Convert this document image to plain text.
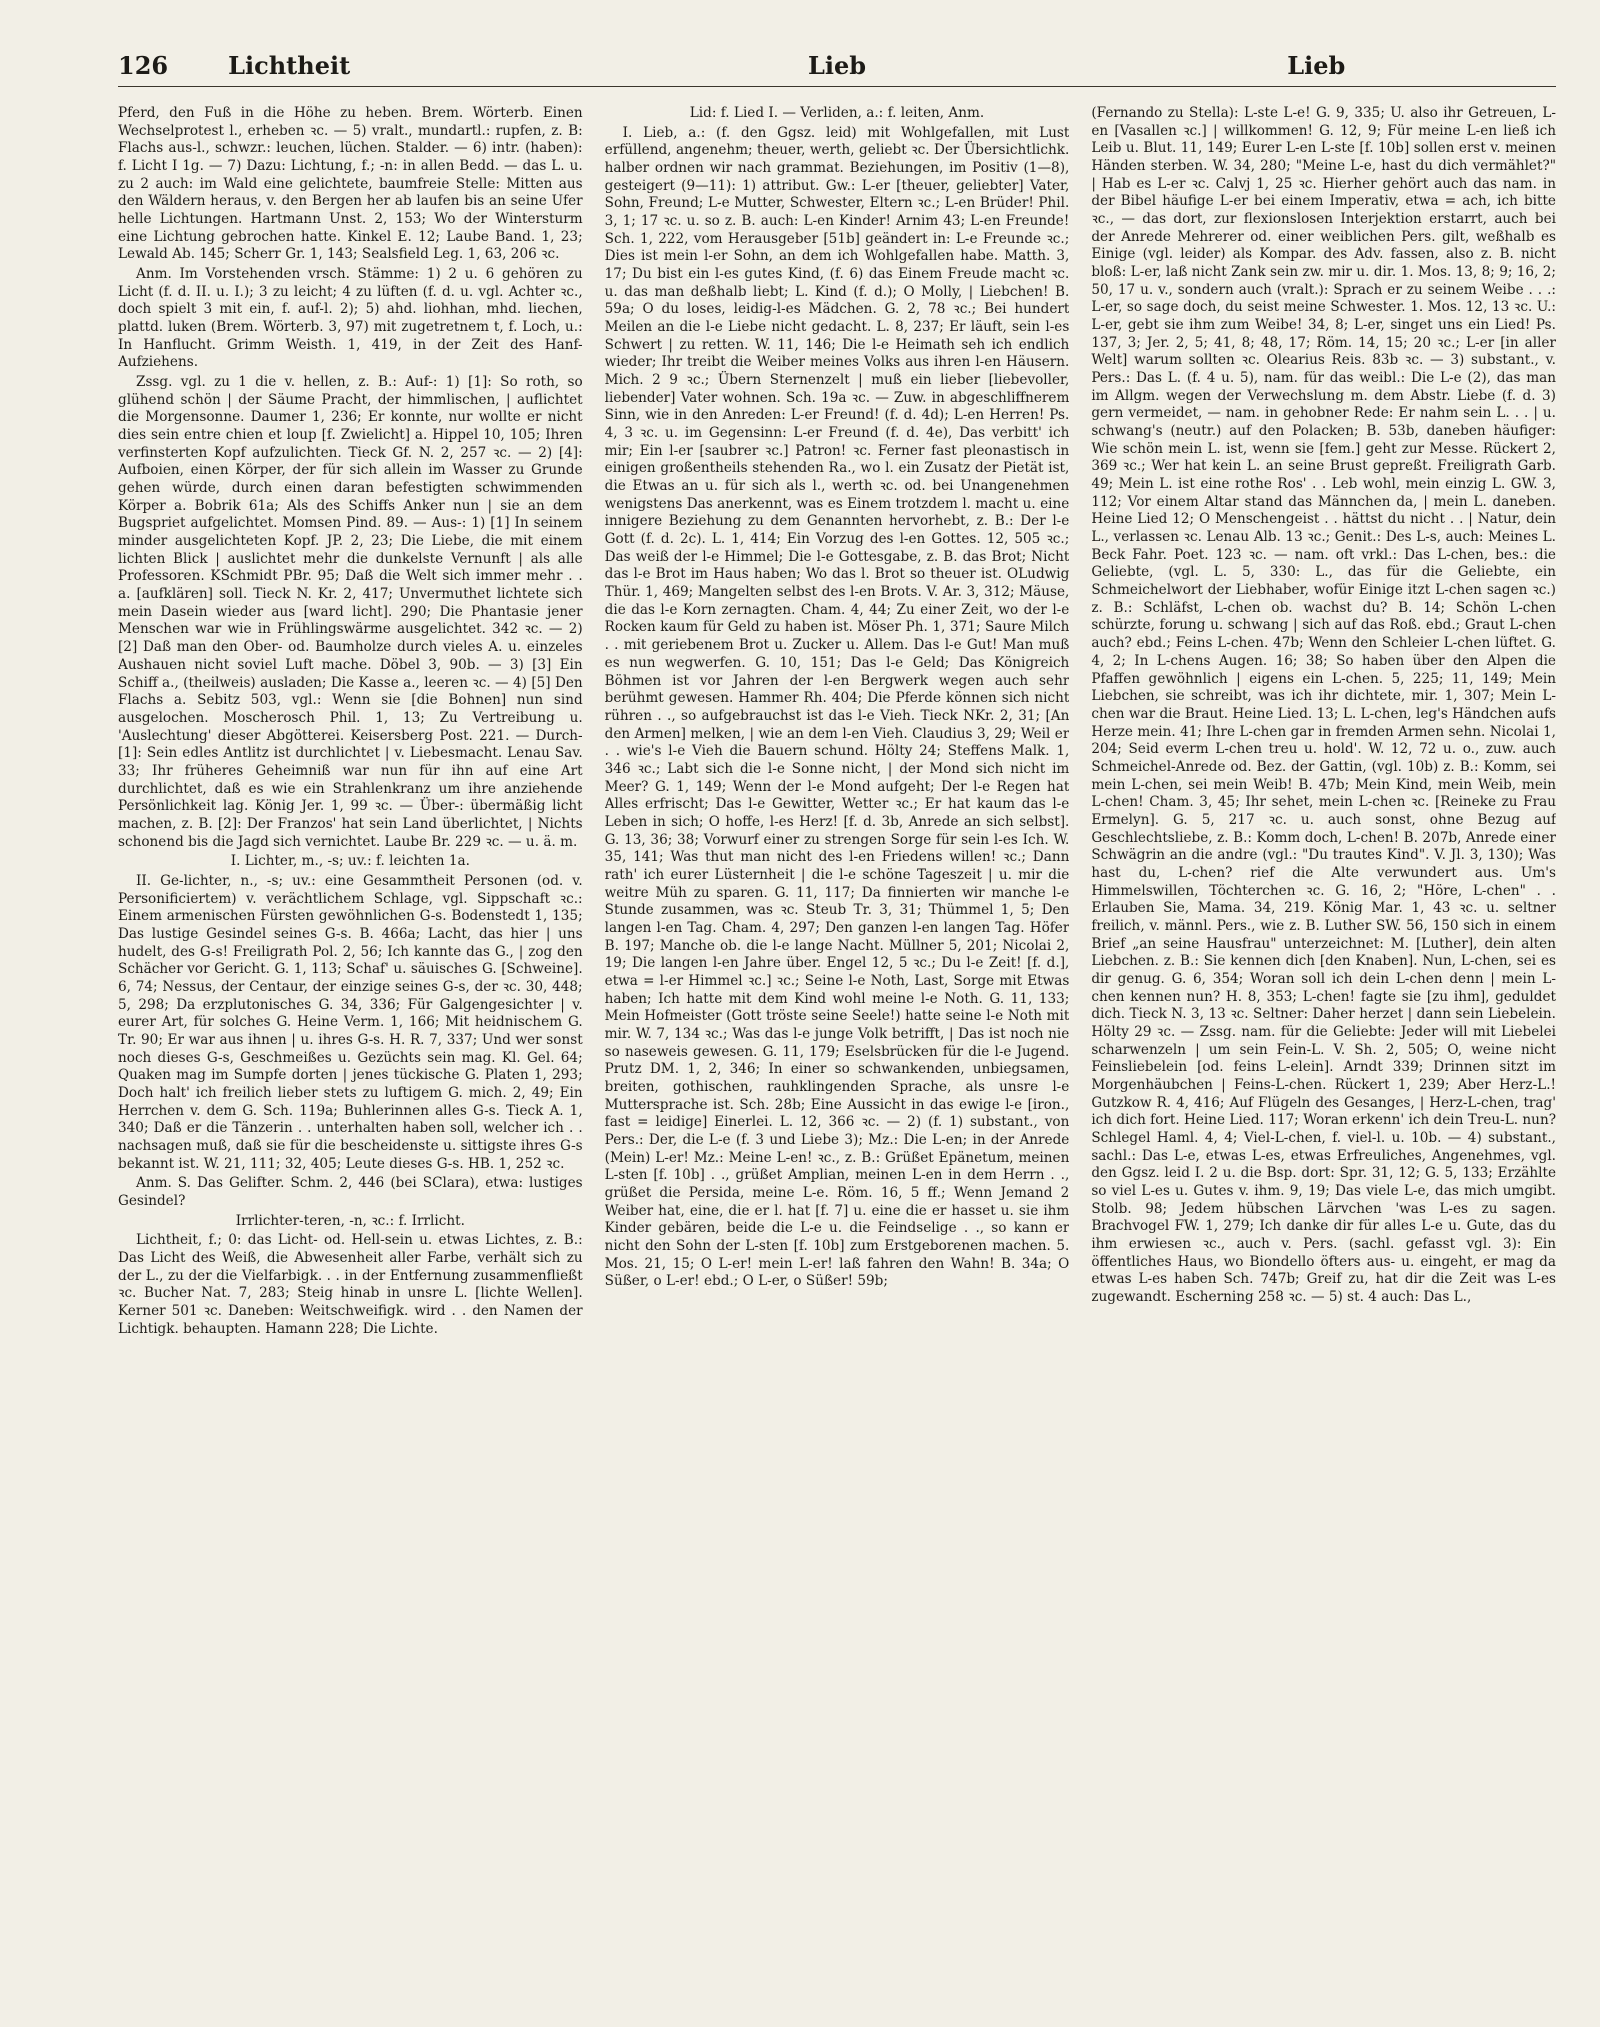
126	Lichtheit	Lieb	Lieb

Pferd, den Fuß in die Höhe zu heben. Brem. Wörterb. Einen Wechselprotest l., erheben ꝛc. — 5) vralt., mundartl.: rupfen, z. B: Flachs aus-l., schwzr.: leuchen, lüchen. Stalder. — 6) intr. (haben): f. Licht I 1g. — 7) Dazu: Lichtung, f.; -n: in allen Bedd. — das L. u. zu 2 auch: im Wald eine gelichtete, baumfreie Stelle: Mitten aus den Wäldern heraus, v. den Bergen her ab laufen bis an seine Ufer helle Lichtungen. Hartmann Unst. 2, 153; Wo der Wintersturm eine Lichtung gebrochen hatte. Kinkel E. 12; Laube Band. 1, 23; Lewald Ab. 145; Scherr Gr. 1, 143; Sealsfield Leg. 1, 63, 206 ꝛc.

Anm. Im Vorstehenden vrsch. Stämme: 1) 2 u. 6 gehören zu Licht (f. d. II. u. I.); 3 zu leicht; 4 zu lüften (f. d. u. vgl. Achter ꝛc., doch spielt 3 mit ein, f. auf-l. 2); 5) ahd. liohhan, mhd. liechen, plattd. luken (Brem. Wörterb. 3, 97) mit zugetretnem t, f. Loch, u.: In Hanflucht. Grimm Weisth. 1, 419, in der Zeit des Hanf-Aufziehens.

Zssg. vgl. zu 1 die v. hellen, z. B.: Auf-: 1) [1]: So roth, so glühend schön | der Säume Pracht, der himmlischen, | auflichtet die Morgensonne. Daumer 1, 236; Er konnte, nur wollte er nicht dies sein entre chien et loup [f. Zwielicht] a. Hippel 10, 105; Ihren verfinsterten Kopf aufzulichten. Tieck Gf. N. 2, 257 ꝛc. — 2) [4]: Aufboien, einen Körper, der für sich allein im Wasser zu Grunde gehen würde, durch einen daran befestigten schwimmenden Körper a. Bobrik 61a; Als des Schiffs Anker nun | sie an dem Bugspriet aufgelichtet. Momsen Pind. 89. — Aus-: 1) [1] In seinem minder ausgelichteten Kopf. JP. 2, 23; Die Liebe, die mit einem lichten Blick | auslichtet mehr die dunkelste Vernunft | als alle Professoren. KSchmidt PBr. 95; Daß die Welt sich immer mehr . . a. [aufklären] soll. Tieck N. Kr. 2, 417; Unvermuthet lichtete sich mein Dasein wieder aus [ward licht]. 290; Die Phantasie jener Menschen war wie in Frühlingswärme ausgelichtet. 342 ꝛc. — 2) [2] Daß man den Ober- od. Baumholze durch vieles A. u. einzeles Aushauen nicht soviel Luft mache. Döbel 3, 90b. — 3) [3] Ein Schiff a., (theilweis) ausladen; Die Kasse a., leeren ꝛc. — 4) [5] Den Flachs a. Sebitz 503, vgl.: Wenn sie [die Bohnen] nun sind ausgelochen. Moscherosch Phil. 1, 13; Zu Vertreibung u. 'Auslechtung' dieser Abgötterei. Keisersberg Post. 221. — Durch-[1]: Sein edles Antlitz ist durchlichtet | v. Liebesmacht. Lenau Sav. 33; Ihr früheres Geheimniß war nun für ihn auf eine Art durchlichtet, daß es wie ein Strahlenkranz um ihre anziehende Persönlichkeit lag. König Jer. 1, 99 ꝛc. — Über-: übermäßig licht machen, z. B. [2]: Der Franzos' hat sein Land überlichtet, | Nichts schonend bis die Jagd sich vernichtet. Laube Br. 229 ꝛc. — u. ä. m.

I. Lichter, m., -s; uv.: f. leichten 1a.

II. Ge-lichter, n., -s; uv.: eine Gesammtheit Personen (od. v. Personificiertem) v. verächtlichem Schlage, vgl. Sippschaft ꝛc.: Einem armenischen Fürsten gewöhnlichen G-s. Bodenstedt 1, 135; Das lustige Gesindel seines G-s. B. 466a; Lacht, das hier | uns hudelt, des G-s! Freiligrath Pol. 2, 56; Ich kannte das G., | zog den Schächer vor Gericht. G. 1, 113; Schaf' u. säuisches G. [Schweine]. 6, 74; Nessus, der Centaur, der einzige seines G-s, der ꝛc. 30, 448; 5, 298; Da erzplutonisches G. 34, 336; Für Galgengesichter | v. eurer Art, für solches G. Heine Verm. 1, 166; Mit heidnischem G. Tr. 90; Er war aus ihnen | u. ihres G-s. H. R. 7, 337; Und wer sonst noch dieses G-s, Geschmeißes u. Gezüchts sein mag. Kl. Gel. 64; Quaken mag im Sumpfe dorten | jenes tückische G. Platen 1, 293; Doch halt' ich freilich lieber stets zu luftigem G. mich. 2, 49; Ein Herrchen v. dem G. Sch. 119a; Buhlerinnen alles G-s. Tieck A. 1, 340; Daß er die Tänzerin . . unterhalten haben soll, welcher ich . . nachsagen muß, daß sie für die bescheidenste u. sittigste ihres G-s bekannt ist. W. 21, 111; 32, 405; Leute dieses G-s. HB. 1, 252 ꝛc.

Anm. S. Das Gelifter. Schm. 2, 446 (bei SClara), etwa: lustiges Gesindel?

Irrlichter-teren, -n, ꝛc.: f. Irrlicht.

Lichtheit, f.; 0: das Licht- od. Hell-sein u. etwas Lichtes, z. B.: Das Licht des Weiß, die Abwesenheit aller Farbe, verhält sich zu der L., zu der die Vielfarbigk. . . in der Entfernung zusammenfließt ꝛc. Bucher Nat. 7, 283; Steig hinab in unsre L. [lichte Wellen]. Kerner 501 ꝛc. Daneben: Weitschweifigk. wird . . den Namen der Lichtigk. behaupten. Hamann 228; Die Lichte.

Lid: f. Lied I. — Verliden, a.: f. leiten, Anm.

I. Lieb, a.: (f. den Ggsz. leid) mit Wohlgefallen, mit Lust erfüllend, angenehm; theuer, werth, geliebt ꝛc. Der Übersichtlichk. halber ordnen wir nach grammat. Beziehungen, im Positiv (1—8), gesteigert (9—11): 1) attribut. Gw.: L-er [theuer, geliebter] Vater, Sohn, Freund; L-e Mutter, Schwester, Eltern ꝛc.; L-en Brüder! Phil. 3, 1; 17 ꝛc. u. so z. B. auch: L-en Kinder! Arnim 43; L-en Freunde! Sch. 1, 222, vom Herausgeber [51b] geändert in: L-e Freunde ꝛc.; Dies ist mein l-er Sohn, an dem ich Wohlgefallen habe. Matth. 3, 17; Du bist ein l-es gutes Kind, (f. 6) das Einem Freude macht ꝛc. u. das man deßhalb liebt; L. Kind (f. d.); O Molly, | Liebchen! B. 59a; O du loses, leidig-l-es Mädchen. G. 2, 78 ꝛc.; Bei hundert Meilen an die l-e Liebe nicht gedacht. L. 8, 237; Er läuft, sein l-es Schwert | zu retten. W. 11, 146; Die l-e Heimath seh ich endlich wieder; Ihr treibt die Weiber meines Volks aus ihren l-en Häusern. Mich. 2 9 ꝛc.; Übern Sternenzelt | muß ein lieber [liebevoller, liebender] Vater wohnen. Sch. 19a ꝛc. — Zuw. in abgeschliffnerem Sinn, wie in den Anreden: L-er Freund! (f. d. 4d); L-en Herren! Ps. 4, 3 ꝛc. u. im Gegensinn: L-er Freund (f. d. 4e), Das verbitt' ich mir; Ein l-er [saubrer ꝛc.] Patron! ꝛc. Ferner fast pleonastisch in einigen großentheils stehenden Ra., wo l. ein Zusatz der Pietät ist, die Etwas an u. für sich als l., werth ꝛc. od. bei Unangenehmen wenigstens Das anerkennt, was es Einem trotzdem l. macht u. eine innigere Beziehung zu dem Genannten hervorhebt, z. B.: Der l-e Gott (f. d. 2c). L. 1, 414; Ein Vorzug des l-en Gottes. 12, 505 ꝛc.; Das weiß der l-e Himmel; Die l-e Gottesgabe, z. B. das Brot; Nicht das l-e Brot im Haus haben; Wo das l. Brot so theuer ist. OLudwig Thür. 1, 469; Mangelten selbst des l-en Brots. V. Ar. 3, 312; Mäuse, die das l-e Korn zernagten. Cham. 4, 44; Zu einer Zeit, wo der l-e Rocken kaum für Geld zu haben ist. Möser Ph. 1, 371; Saure Milch . . mit geriebenem Brot u. Zucker u. Allem. Das l-e Gut! Man muß es nun wegwerfen. G. 10, 151; Das l-e Geld; Das Königreich Böhmen ist vor Jahren der l-en Bergwerk wegen auch sehr berühmt gewesen. Hammer Rh. 404; Die Pferde können sich nicht rühren . ., so aufgebrauchst ist das l-e Vieh. Tieck NKr. 2, 31; [An den Armen] melken, | wie an dem l-en Vieh. Claudius 3, 29; Weil er . . wie's l-e Vieh die Bauern schund. Hölty 24; Steffens Malk. 1, 346 ꝛc.; Labt sich die l-e Sonne nicht, | der Mond sich nicht im Meer? G. 1, 149; Wenn der l-e Mond aufgeht; Der l-e Regen hat Alles erfrischt; Das l-e Gewitter, Wetter ꝛc.; Er hat kaum das l-e Leben in sich; O hoffe, l-es Herz! [f. d. 3b, Anrede an sich selbst]. G. 13, 36; 38; Vorwurf einer zu strengen Sorge für sein l-es Ich. W. 35, 141; Was thut man nicht des l-en Friedens willen! ꝛc.; Dann rath' ich eurer Lüsternheit | die l-e schöne Tageszeit | u. mir die weitre Müh zu sparen. G. 11, 117; Da finnierten wir manche l-e Stunde zusammen, was ꝛc. Steub Tr. 3, 31; Thümmel 1, 5; Den langen l-en Tag. Cham. 4, 297; Den ganzen l-en langen Tag. Höfer B. 197; Manche ob. die l-e lange Nacht. Müllner 5, 201; Nicolai 2, 19; Die langen l-en Jahre über. Engel 12, 5 ꝛc.; Du l-e Zeit! [f. d.], etwa = l-er Himmel ꝛc.] ꝛc.; Seine l-e Noth, Last, Sorge mit Etwas haben; Ich hatte mit dem Kind wohl meine l-e Noth. G. 11, 133; Mein Hofmeister (Gott tröste seine Seele!) hatte seine l-e Noth mit mir. W. 7, 134 ꝛc.; Was das l-e junge Volk betrifft, | Das ist noch nie so naseweis gewesen. G. 11, 179; Eselsbrücken für die l-e Jugend. Prutz DM. 1, 2, 346; In einer so schwankenden, unbiegsamen, breiten, gothischen, rauhklingenden Sprache, als unsre l-e Muttersprache ist. Sch. 28b; Eine Aussicht in das ewige l-e [iron., fast = leidige] Einerlei. L. 12, 366 ꝛc. — 2) (f. 1) substant., von Pers.: Der, die L-e (f. 3 und Liebe 3); Mz.: Die L-en; in der Anrede (Mein) L-er! Mz.: Meine L-en! ꝛc., z. B.: Grüßet Epänetum, meinen L-sten [f. 10b] . ., grüßet Amplian, meinen L-en in dem Herrn . ., grüßet die Persida, meine L-e. Röm. 16, 5 ff.; Wenn Jemand 2 Weiber hat, eine, die er l. hat [f. 7] u. eine die er hasset u. sie ihm Kinder gebären, beide die L-e u. die Feindselige . ., so kann er nicht den Sohn der L-sten [f. 10b] zum Erstgeborenen machen. 5. Mos. 21, 15; O L-er! mein L-er! laß fahren den Wahn! B. 34a; O Süßer, o L-er! ebd.; O L-er, o Süßer! 59b;

(Fernando zu Stella): L-ste L-e! G. 9, 335; U. also ihr Getreuen, L-en [Vasallen ꝛc.] | willkommen! G. 12, 9; Für meine L-en ließ ich Leib u. Blut. 11, 149; Eurer L-en L-ste [f. 10b] sollen erst v. meinen Händen sterben. W. 34, 280; "Meine L-e, hast du dich vermählet?" | Hab es L-er ꝛc. Calvj 1, 25 ꝛc. Hierher gehört auch das nam. in der Bibel häufige L-er bei einem Imperativ, etwa = ach, ich bitte ꝛc., — das dort, zur flexionslosen Interjektion erstarrt, auch bei der Anrede Mehrerer od. einer weiblichen Pers. gilt, weßhalb es Einige (vgl. leider) als Kompar. des Adv. fassen, also z. B. nicht bloß: L-er, laß nicht Zank sein zw. mir u. dir. 1. Mos. 13, 8; 9; 16, 2; 50, 17 u. v., sondern auch (vralt.): Sprach er zu seinem Weibe . . .: L-er, so sage doch, du seist meine Schwester. 1. Mos. 12, 13 ꝛc. U.: L-er, gebt sie ihm zum Weibe! 34, 8; L-er, singet uns ein Lied! Ps. 137, 3; Jer. 2, 5; 41, 8; 48, 17; Röm. 14, 15; 20 ꝛc.; L-er [in aller Welt] warum sollten ꝛc. Olearius Reis. 83b ꝛc. — 3) substant., v. Pers.: Das L. (f. 4 u. 5), nam. für das weibl.: Die L-e (2), das man im Allgm. wegen der Verwechslung m. dem Abstr. Liebe (f. d. 3) gern vermeidet, — nam. in gehobner Rede: Er nahm sein L. . . | u. schwang's (neutr.) auf den Polacken; B. 53b, daneben häufiger: Wie schön mein L. ist, wenn sie [fem.] geht zur Messe. Rückert 2, 369 ꝛc.; Wer hat kein L. an seine Brust gepreßt. Freiligrath Garb. 49; Mein L. ist eine rothe Ros' . . Leb wohl, mein einzig L. GW. 3, 112; Vor einem Altar stand das Männchen da, | mein L. daneben. Heine Lied 12; O Menschengeist . . hättst du nicht . . | Natur, dein L., verlassen ꝛc. Lenau Alb. 13 ꝛc.; Genit.: Des L-s, auch: Meines L. Beck Fahr. Poet. 123 ꝛc. — nam. oft vrkl.: Das L-chen, bes.: die Geliebte, (vgl. L. 5, 330: L., das für die Geliebte, ein Schmeichelwort der Liebhaber, wofür Einige itzt L-chen sagen ꝛc.) z. B.: Schläfst, L-chen ob. wachst du? B. 14; Schön L-chen schürzte, forung u. schwang | sich auf das Roß. ebd.; Graut L-chen auch? ebd.; Feins L-chen. 47b; Wenn den Schleier L-chen lüftet. G. 4, 2; In L-chens Augen. 16; 38; So haben über den Alpen die Pfaffen gewöhnlich | eigens ein L-chen. 5, 225; 11, 149; Mein Liebchen, sie schreibt, was ich ihr dichtete, mir. 1, 307; Mein L-chen war die Braut. Heine Lied. 13; L. L-chen, leg's Händchen aufs Herze mein. 41; Ihre L-chen gar in fremden Armen sehn. Nicolai 1, 204; Seid everm L-chen treu u. hold'. W. 12, 72 u. o., zuw. auch Schmeichel-Anrede od. Bez. der Gattin, (vgl. 10b) z. B.: Komm, sei mein L-chen, sei mein Weib! B. 47b; Mein Kind, mein Weib, mein L-chen! Cham. 3, 45; Ihr sehet, mein L-chen ꝛc. [Reineke zu Frau Ermelyn]. G. 5, 217 ꝛc. u. auch sonst, ohne Bezug auf Geschlechtsliebe, z. B.: Komm doch, L-chen! B. 207b, Anrede einer Schwägrin an die andre (vgl.: "Du trautes Kind". V. Jl. 3, 130); Was hast du, L-chen? rief die Alte verwundert aus. Um's Himmelswillen, Töchterchen ꝛc. G. 16, 2; "Höre, L-chen" . . Erlauben Sie, Mama. 34, 219. König Mar. 1, 43 ꝛc. u. seltner freilich, v. männl. Pers., wie z. B. Luther SW. 56, 150 sich in einem Brief „an seine Hausfrau" unterzeichnet: M. [Luther], dein alten Liebchen. z. B.: Sie kennen dich [den Knaben]. Nun, L-chen, sei es dir genug. G. 6, 354; Woran soll ich dein L-chen denn | mein L-chen kennen nun? H. 8, 353; L-chen! fagte sie [zu ihm], geduldet dich. Tieck N. 3, 13 ꝛc. Seltner: Daher herzet | dann sein Liebelein. Hölty 29 ꝛc. — Zssg. nam. für die Geliebte: Jeder will mit Liebelei scharwenzeln | um sein Fein-L. V. Sh. 2, 505; O, weine nicht Feinsliebelein [od. feins L-elein]. Arndt 339; Drinnen sitzt im Morgenhäubchen | Feins-L-chen. Rückert 1, 239; Aber Herz-L.! Gutzkow R. 4, 416; Auf Flügeln des Gesanges, | Herz-L-chen, trag' ich dich fort. Heine Lied. 117; Woran erkenn' ich dein Treu-L. nun? Schlegel Haml. 4, 4; Viel-L-chen, f. viel-l. u. 10b. — 4) substant., sachl.: Das L-e, etwas L-es, etwas Erfreuliches, Angenehmes, vgl. den Ggsz. leid I. 2 u. die Bsp. dort: Spr. 31, 12; G. 5, 133; Erzählte so viel L-es u. Gutes v. ihm. 9, 19; Das viele L-e, das mich umgibt. Stolb. 98; Jedem hübschen Lärvchen 'was L-es zu sagen. Brachvogel FW. 1, 279; Ich danke dir für alles L-e u. Gute, das du ihm erwiesen ꝛc., auch v. Pers. (sachl. gefasst vgl. 3): Ein öffentliches Haus, wo Biondello öfters aus- u. eingeht, er mag da etwas L-es haben Sch. 747b; Greif zu, hat dir die Zeit was L-es zugewandt. Escherning 258 ꝛc. — 5) st. 4 auch: Das L.,
